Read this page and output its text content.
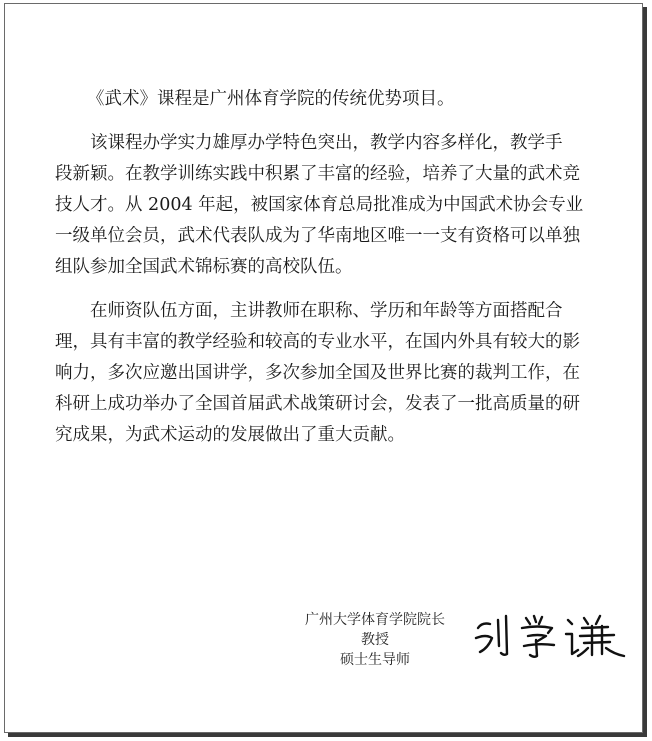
《武术》课程是广州体育学院的传统优势项目。

该课程办学实力雄厚办学特色突出，教学内容多样化，教学手

段新颖。在教学训练实践中积累了丰富的经验，培养了大量的武术竞

技人才。从 2004 年起，被国家体育总局批准成为中国武术协会专业

一级单位会员，武术代表队成为了华南地区唯一一支有资格可以单独

组队参加全国武术锦标赛的高校队伍。

在师资队伍方面，主讲教师在职称、学历和年龄等方面搭配合

理，具有丰富的教学经验和较高的专业水平，在国内外具有较大的影

响力，多次应邀出国讲学，多次参加全国及世界比赛的裁判工作，在

科研上成功举办了全国首届武术战策研讨会，发表了一批高质量的研

究成果，为武术运动的发展做出了重大贡献。

广州大学体育学院院长
教授
硕士生导师
